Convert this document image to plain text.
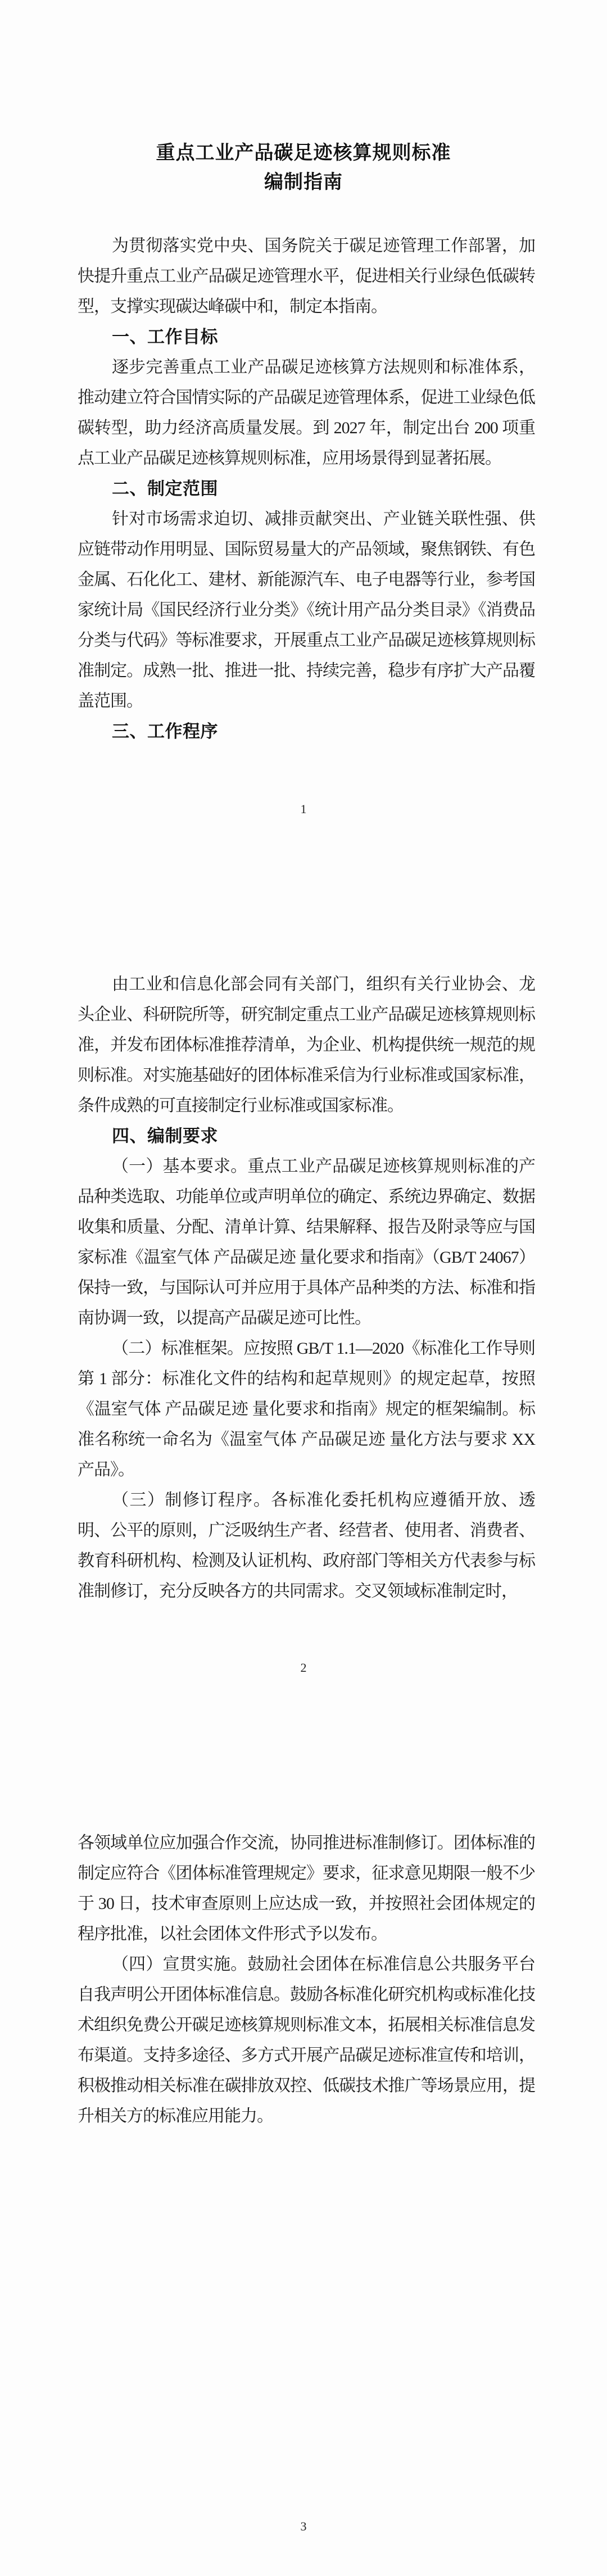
重点工业产品碳足迹核算规则标准
编制指南

为贯彻落实党中央、国务院关于碳足迹管理工作部署，加快提升重点工业产品碳足迹管理水平，促进相关行业绿色低碳转型，支撑实现碳达峰碳中和，制定本指南。

一、工作目标

逐步完善重点工业产品碳足迹核算方法规则和标准体系，推动建立符合国情实际的产品碳足迹管理体系，促进工业绿色低碳转型，助力经济高质量发展。到 2027 年，制定出台 200 项重点工业产品碳足迹核算规则标准，应用场景得到显著拓展。

二、制定范围

针对市场需求迫切、减排贡献突出、产业链关联性强、供应链带动作用明显、国际贸易量大的产品领域，聚焦钢铁、有色金属、石化化工、建材、新能源汽车、电子电器等行业，参考国家统计局《国民经济行业分类》《统计用产品分类目录》《消费品分类与代码》等标准要求，开展重点工业产品碳足迹核算规则标准制定。成熟一批、推进一批、持续完善，稳步有序扩大产品覆盖范围。

三、工作程序
1

由工业和信息化部会同有关部门，组织有关行业协会、龙头企业、科研院所等，研究制定重点工业产品碳足迹核算规则标准，并发布团体标准推荐清单，为企业、机构提供统一规范的规则标准。对实施基础好的团体标准采信为行业标准或国家标准，条件成熟的可直接制定行业标准或国家标准。

四、编制要求

（一）基本要求。重点工业产品碳足迹核算规则标准的产品种类选取、功能单位或声明单位的确定、系统边界确定、数据收集和质量、分配、清单计算、结果解释、报告及附录等应与国家标准《温室气体 产品碳足迹 量化要求和指南》（GB/T 24067）保持一致，与国际认可并应用于具体产品种类的方法、标准和指南协调一致，以提高产品碳足迹可比性。

（二）标准框架。应按照 GB/T 1.1—2020《标准化工作导则 第 1 部分：标准化文件的结构和起草规则》的规定起草，按照《温室气体 产品碳足迹 量化要求和指南》规定的框架编制。标准名称统一命名为《温室气体 产品碳足迹 量化方法与要求 XX 产品》。

（三）制修订程序。各标准化委托机构应遵循开放、透明、公平的原则，广泛吸纳生产者、经营者、使用者、消费者、教育科研机构、检测及认证机构、政府部门等相关方代表参与标准制修订，充分反映各方的共同需求。交叉领域标准制定时，

2

各领域单位应加强合作交流，协同推进标准制修订。团体标准的制定应符合《团体标准管理规定》要求，征求意见期限一般不少于 30 日，技术审查原则上应达成一致，并按照社会团体规定的程序批准，以社会团体文件形式予以发布。

（四）宣贯实施。鼓励社会团体在标准信息公共服务平台自我声明公开团体标准信息。鼓励各标准化研究机构或标准化技术组织免费公开碳足迹核算规则标准文本，拓展相关标准信息发布渠道。支持多途径、多方式开展产品碳足迹标准宣传和培训，积极推动相关标准在碳排放双控、低碳技术推广等场景应用，提升相关方的标准应用能力。

3
